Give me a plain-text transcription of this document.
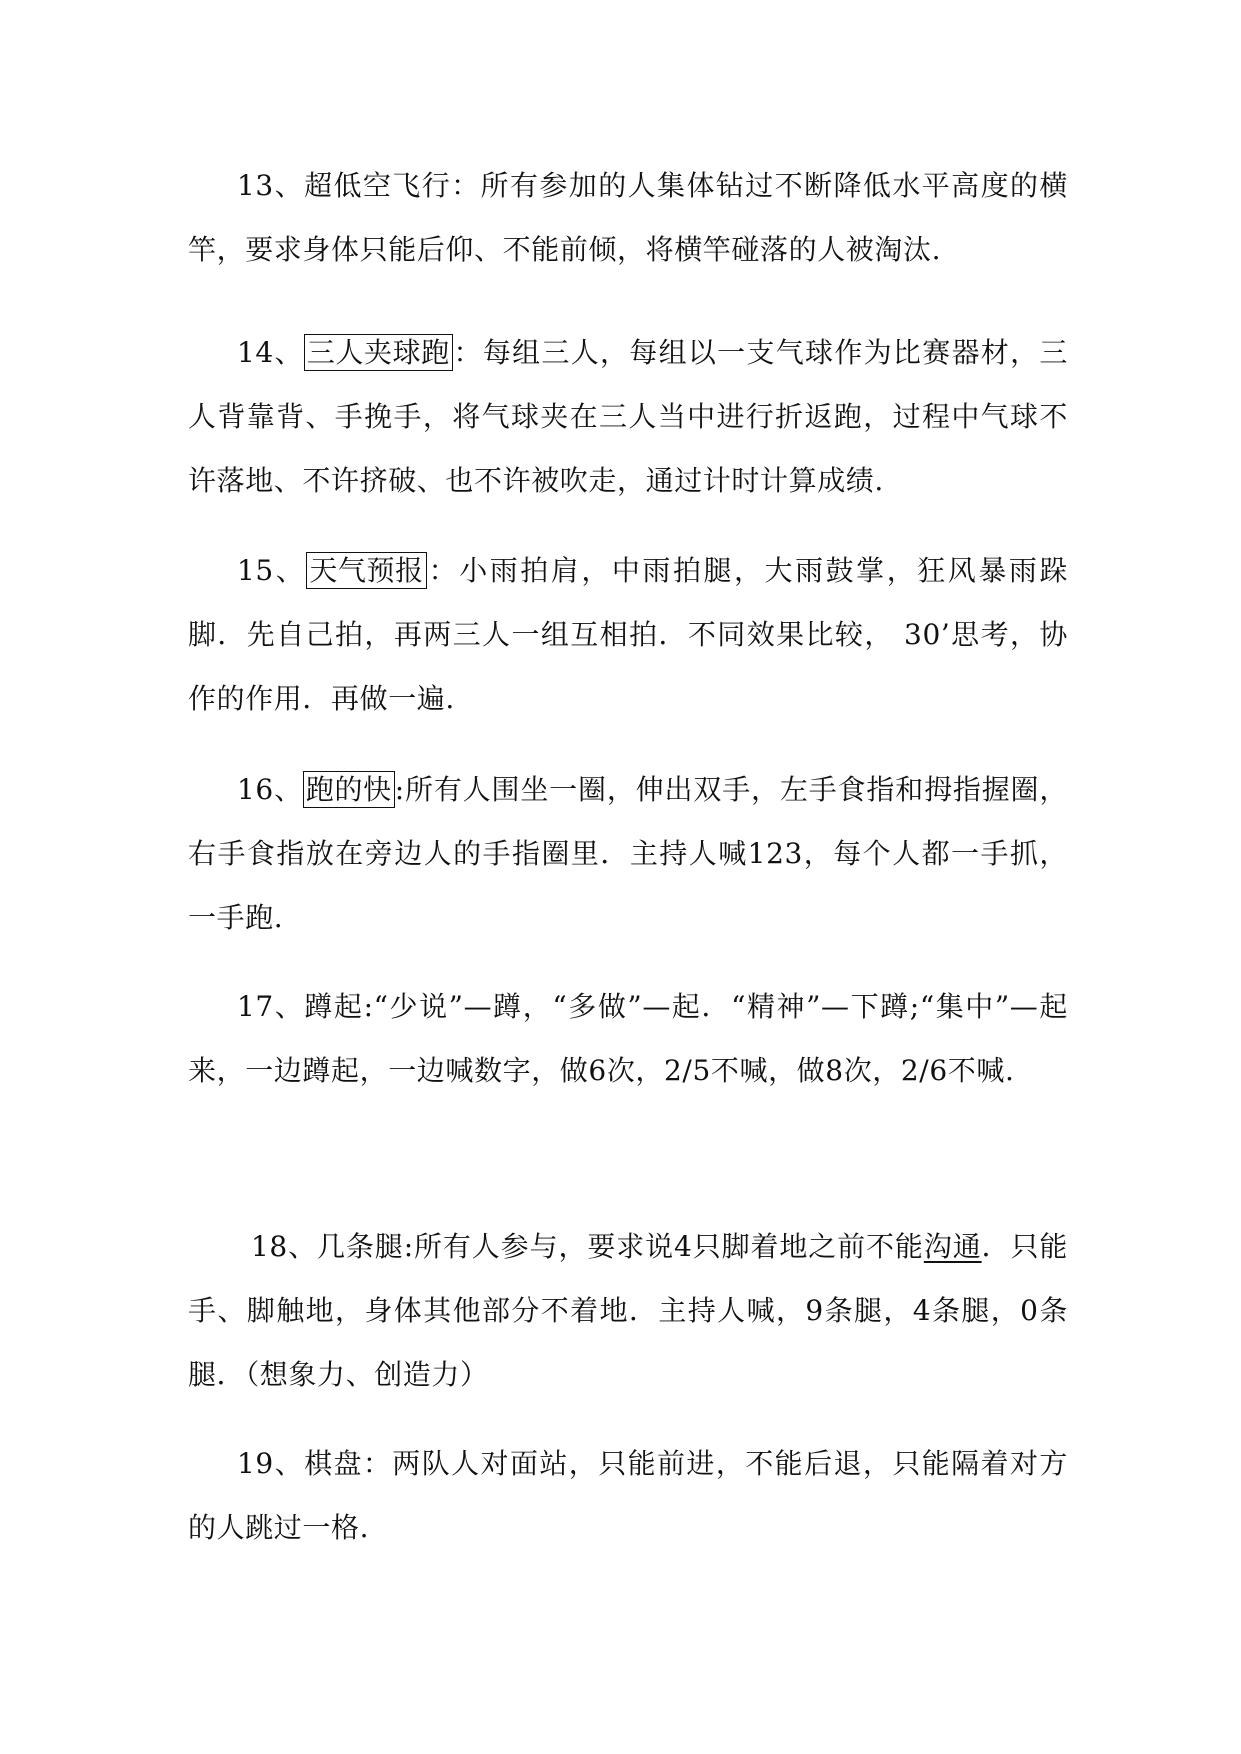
13、超低空飞行：所有参加的人集体钻过不断降低水平高度的横竿，要求身体只能后仰、不能前倾，将横竿碰落的人被淘汰.

14、 三人夹球跑 ：每组三人，每组以一支气球作为比赛器材，三人背靠背、手挽手，将气球夹在三人当中进行折返跑，过程中气球不许落地、不许挤破、也不许被吹走，通过计时计算成绩.

15、 天气预报 ：小雨拍肩，中雨拍腿，大雨鼓掌，狂风暴雨跺脚．先自己拍，再两三人一组互相拍．不同效果比较， 30’思考，协作的作用．再做一遍.

16、 跑的快 :所有人围坐一圈，伸出双手，左手食指和拇指握圈，右手食指放在旁边人的手指圈里．主持人喊123，每个人都一手抓，一手跑.

17、蹲起:“少说”—蹲，“多做”—起．“精神”—下蹲;“集中”—起来，一边蹲起，一边喊数字，做6次，2/5不喊，做8次，2/6不喊.

18、几条腿:所有人参与，要求说4只脚着地之前不能沟通．只能手、脚触地，身体其他部分不着地．主持人喊，9条腿，4条腿，0条腿．（想象力、创造力）

19、棋盘：两队人对面站，只能前进，不能后退，只能隔着对方的人跳过一格.
